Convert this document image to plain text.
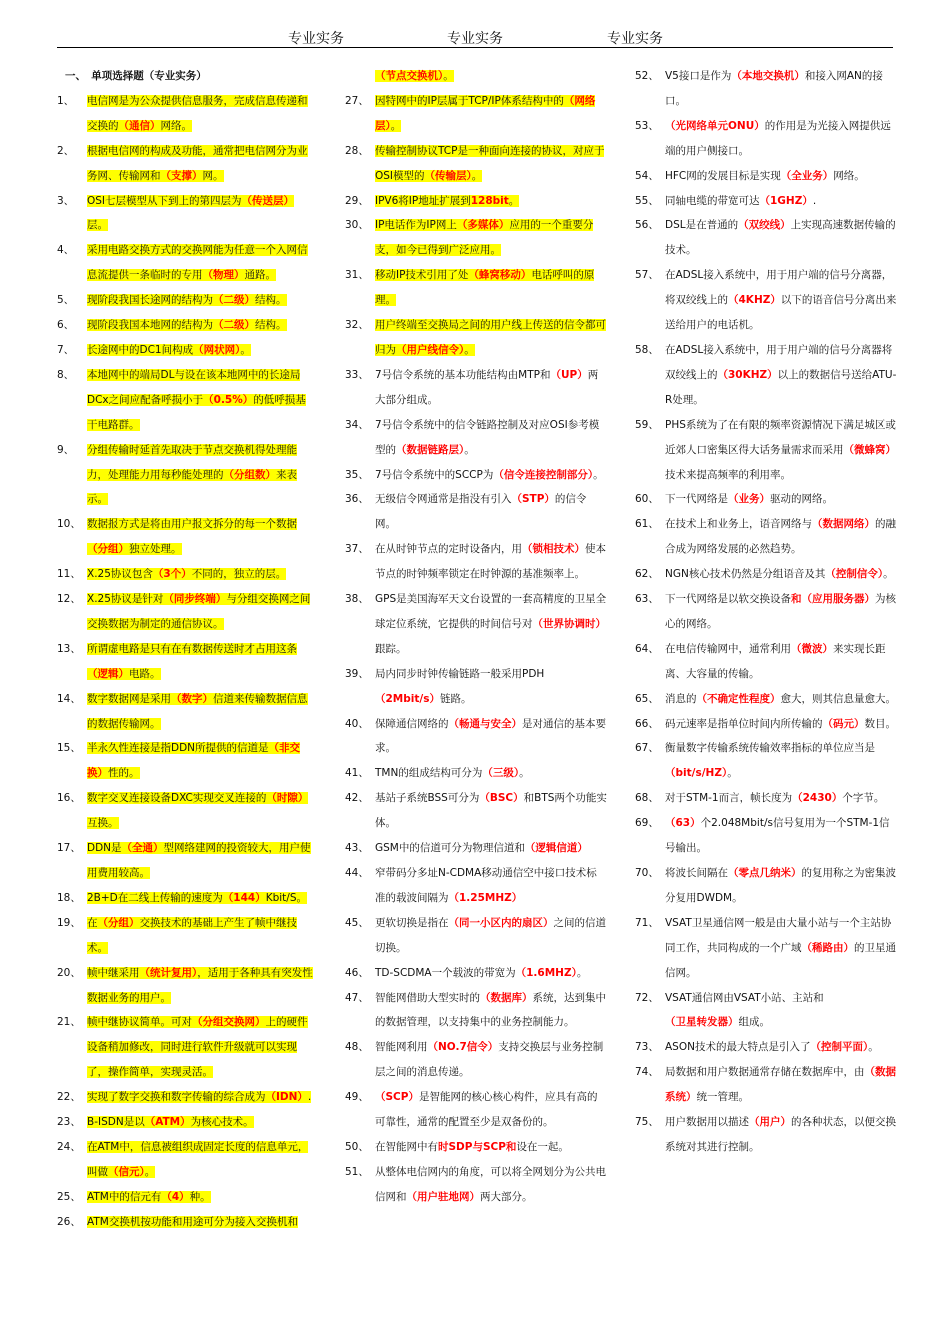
专业实务	专业实务	专业实务
一、　单项选择题（专业实务）
1、	电信网是为公众提供信息服务，完成信息传递和交换的（通信）网络。
2、	根据电信网的构成及功能，通常把电信网分为业务网、传输网和（支撑）网。
3、	OSI七层模型从下到上的第四层为（传送层）层。
4、	采用电路交换方式的交换网能为任意一个入网信息流提供一条临时的专用（物理）通路。
5、	现阶段我国长途网的结构为（二级）结构。
6、	现阶段我国本地网的结构为（二级）结构。
7、	长途网中的DC1间构成（网状网）。
8、	本地网中的端局DL与设在该本地网中的长途局DCx之间应配备呼损小于（0.5%）的低呼损基干电路群。
9、	分组传输时延首先取决于节点交换机得处理能力，处理能力用每秒能处理的（分组数）来表示。
10、 数据报方式是将由用户报文拆分的每一个数据（分组）独立处理。
11、 X.25协议包含（3个）不同的，独立的层。
12、 X.25协议是针对（同步终端）与分组交换网之间交换数据为制定的通信协议。
13、 所谓虚电路是只有在有数据传送时才占用这条（逻辑）电路。
14、 数字数据网是采用（数字）信道来传输数据信息的数据传输网。
15、 半永久性连接是指DDN所提供的信道是（非交换）性的。
16、 数字交叉连接设备DXC实现交叉连接的（时隙）互换。
17、 DDN是（全通）型网络建网的投资较大，用户使用费用较高。
18、 2B+D在二线上传输的速度为（144）Kbit/S。
19、 在（分组）交换技术的基础上产生了帧中继技术。
20、 帧中继采用（统计复用），适用于各种具有突发性数据业务的用户。
21、 帧中继协议简单。可对（分组交换网）上的硬件设备稍加修改，同时进行软件升级就可以实现了，操作简单，实现灵活。
22、 实现了数字交换和数字传输的综合成为（IDN）.
23、 B-ISDN是以（ATM）为核心技术。
24、 在ATM中，信息被组织成固定长度的信息单元，叫做（信元）。
25、 ATM中的信元有（4）种。
26、 ATM交换机按功能和用途可分为接入交换机和
（节点交换机）。
27、 因特网中的IP层属于TCP/IP体系结构中的（网络层）。
28、 传输控制协议TCP是一种面向连接的协议，对应于OSI模型的（传输层）。
29、 IPV6将IP地址扩展到128bit。
30、 IP电话作为IP网上（多媒体）应用的一个重要分支，如今已得到广泛应用。
31、 移动IP技术引用了处（蜂窝移动）电话呼叫的原理。
32、 用户终端至交换局之间的用户线上传送的信令都可归为（用户线信令）。
33、 7号信令系统的基本功能结构由MTP和（UP）两大部分组成。
34、 7号信令系统中的信令链路控制及对应OSI参考模型的（数据链路层）。
35、 7号信令系统中的SCCP为（信令连接控制部分）。
36、 无级信令网通常是指没有引入（STP）的信令网。
37、 在从时钟节点的定时设备内，用（锁相技术）使本节点的时钟频率锁定在时钟源的基准频率上。
38、 GPS是美国海军天文台设置的一套高精度的卫星全球定位系统，它提供的时间信号对（世界协调时）跟踪。
39、 局内同步时钟传输链路一般采用PDH（2Mbit/s）链路。
40、 保障通信网络的（畅通与安全）是对通信的基本要求。
41、 TMN的组成结构可分为（三级）。
42、 基站子系统BSS可分为（BSC）和BTS两个功能实体。
43、 GSM中的信道可分为物理信道和（逻辑信道）
44、 窄带码分多址N-CDMA移动通信空中接口技术标准的载波间隔为（1.25MHZ）
45、 更软切换是指在（同一小区内的扇区）之间的信道切换。
46、 TD-SCDMA一个载波的带宽为（1.6MHZ）。
47、 智能网借助大型实时的（数据库）系统，达到集中的数据管理，以支持集中的业务控制能力。
48、 智能网利用（NO.7信令）支持交换层与业务控制层之间的消息传递。
49、 （SCP）是智能网的核心核心构件，应具有高的可靠性，通常的配置至少是双备份的。
50、 在智能网中有时SDP与SCP和设在一起。
51、 从整体电信网内的角度，可以将全网划分为公共电信网和（用户驻地网）两大部分。
52、 V5接口是作为（本地交换机）和接入网AN的接口。
53、 （光网络单元ONU）的作用是为光接入网提供远端的用户侧接口。
54、 HFC网的发展目标是实现（全业务）网络。
55、 同轴电缆的带宽可达（1GHZ）.
56、 DSL是在普通的（双绞线）上实现高速数据传输的技术。
57、 在ADSL接入系统中，用于用户端的信号分离器，将双绞线上的（4KHZ）以下的语音信号分离出来送给用户的电话机。
58、 在ADSL接入系统中，用于用户端的信号分离器将双绞线上的（30KHZ）以上的数据信号送给ATU-R处理。
59、 PHS系统为了在有限的频率资源情况下满足城区或近郊人口密集区得大话务量需求而采用（微蜂窝）技术来提高频率的利用率。
60、 下一代网络是（业务）驱动的网络。
61、 在技术上和业务上，语音网络与（数据网络）的融合成为网络发展的必然趋势。
62、 NGN核心技术仍然是分组语音及其（控制信令）。
63、 下一代网络是以软交换设备和（应用服务器）为核心的网络。
64、 在电信传输网中，通常利用（微波）来实现长距离、大容量的传输。
65、 消息的（不确定性程度）愈大，则其信息量愈大。
66、 码元速率是指单位时间内所传输的（码元）数目。
67、 衡量数字传输系统传输效率指标的单位应当是（bit/s/HZ）。
68、 对于STM-1而言，帧长度为（2430）个字节。
69、 （63）个2.048Mbit/s信号复用为一个STM-1信号输出。
70、 将波长间隔在（零点几纳米）的复用称之为密集波分复用DWDM。
71、 VSAT卫星通信网一般是由大量小站与一个主站协同工作，共同构成的一个广域（稀路由）的卫星通信网。
72、 VSAT通信网由VSAT小站、主站和（卫星转发器）组成。
73、 ASON技术的最大特点是引入了（控制平面）。
74、 局数据和用户数据通常存储在数据库中，由（数据系统）统一管理。
75、 用户数据用以描述（用户）的各种状态，以便交换系统对其进行控制。
